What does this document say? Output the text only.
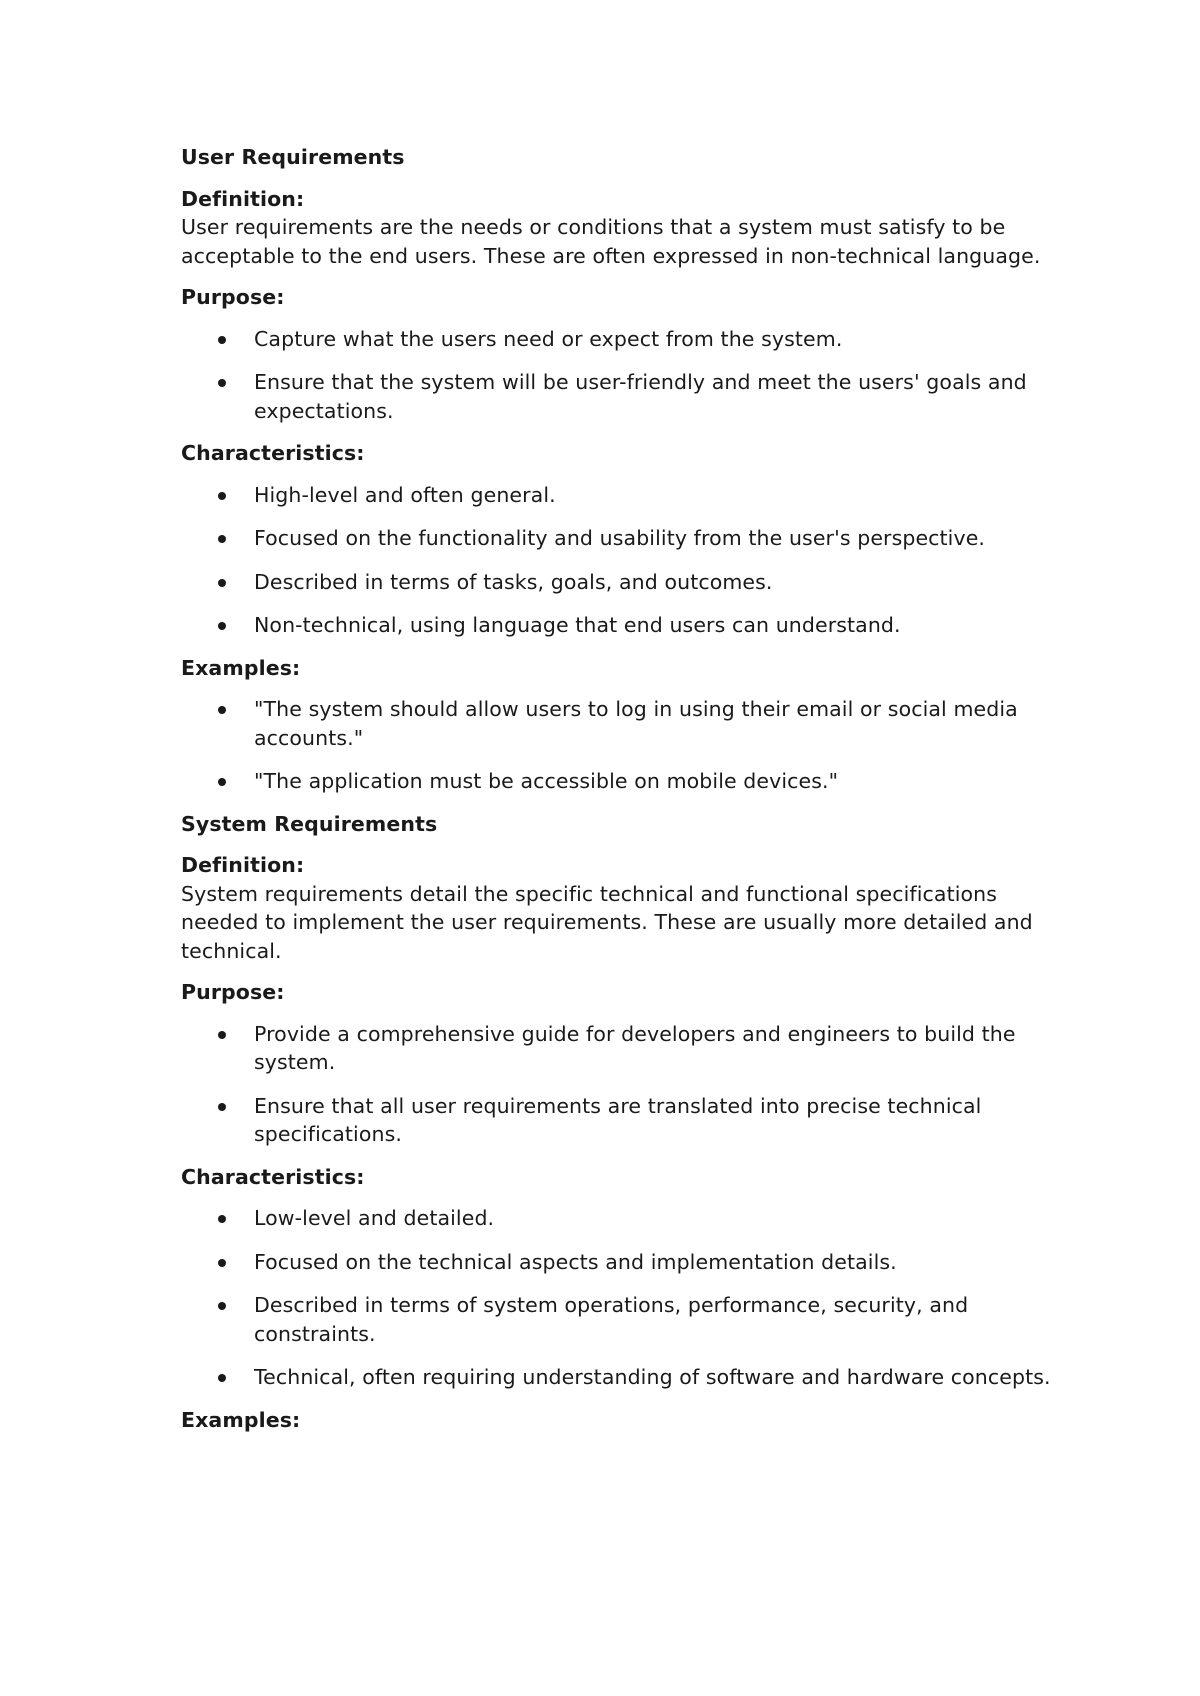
User Requirements
Definition:
User requirements are the needs or conditions that a system must satisfy to be acceptable to the end users. These are often expressed in non-technical language.
Purpose:
Capture what the users need or expect from the system.
Ensure that the system will be user-friendly and meet the users' goals and expectations.
Characteristics:
High-level and often general.
Focused on the functionality and usability from the user's perspective.
Described in terms of tasks, goals, and outcomes.
Non-technical, using language that end users can understand.
Examples:
"The system should allow users to log in using their email or social media accounts."
"The application must be accessible on mobile devices."
System Requirements
Definition:
System requirements detail the specific technical and functional specifications needed to implement the user requirements. These are usually more detailed and technical.
Purpose:
Provide a comprehensive guide for developers and engineers to build the system.
Ensure that all user requirements are translated into precise technical specifications.
Characteristics:
Low-level and detailed.
Focused on the technical aspects and implementation details.
Described in terms of system operations, performance, security, and constraints.
Technical, often requiring understanding of software and hardware concepts.
Examples:
